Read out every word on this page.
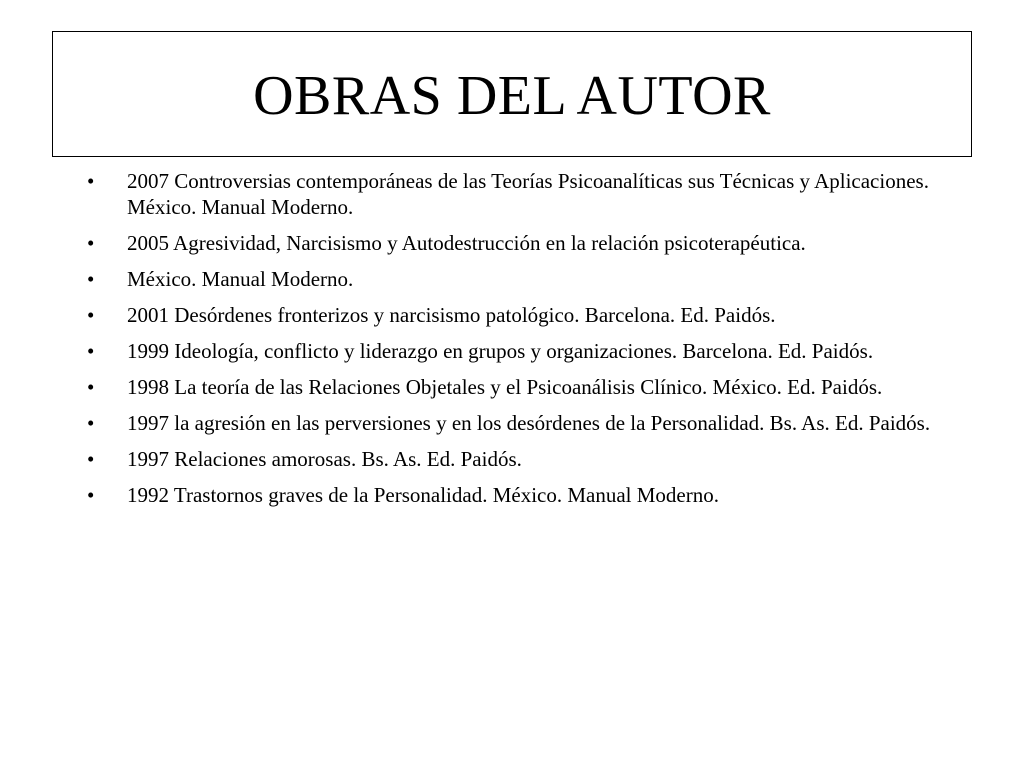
OBRAS DEL AUTOR
•	2007 Controversias contemporáneas de las Teorías Psicoanalíticas sus Técnicas y Aplicaciones. México. Manual Moderno.
•	2005 Agresividad, Narcisismo y Autodestrucción en la relación psicoterapéutica.
•	México. Manual Moderno.
•	2001 Desórdenes fronterizos y narcisismo patológico. Barcelona. Ed. Paidós.
•	1999 Ideología, conflicto y liderazgo en grupos y organizaciones. Barcelona. Ed. Paidós.
•	1998 La teoría de las Relaciones Objetales y el Psicoanálisis Clínico. México. Ed. Paidós.
•	1997 la agresión en las perversiones y en los desórdenes de la Personalidad. Bs. As. Ed. Paidós.
•	1997 Relaciones amorosas. Bs. As. Ed. Paidós.
•	1992 Trastornos graves de la Personalidad. México. Manual Moderno.
